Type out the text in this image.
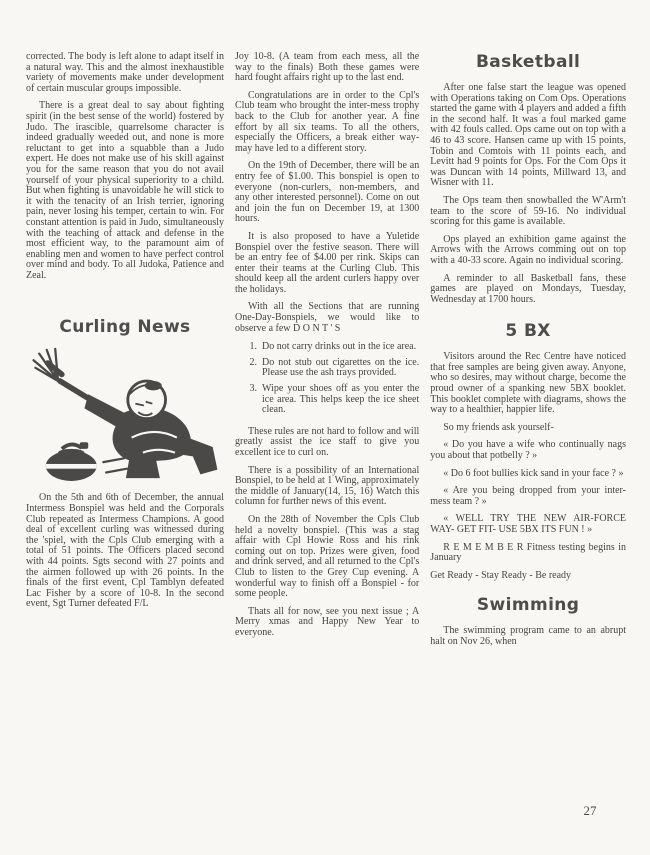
corrected. The body is left alone to adapt itself in a natural way. This and the almost inexhaustible variety of movements make under development of certain muscular groups impossible.

There is a great deal to say about fighting spirit (in the best sense of the world) fostered by Judo. The irascible, quarrelsome character is indeed gradually weeded out, and none is more reluctant to get into a squabble than a Judo expert. He does not make use of his skill against you for the same reason that you do not avail yourself of your physical superiority to a child. But when fighting is unavoidable he will stick to it with the tenacity of an Irish terrier, ignoring pain, never losing his temper, certain to win. For constant attention is paid in Judo, simultaneously with the teaching of attack and defense in the most efficient way, to the paramount aim of enabling men and women to have perfect control over mind and body. To all Judoka, Patience and Zeal.

Curling News

On the 5th and 6th of December, the annual Intermess Bonspiel was held and the Corporals Club repeated as Intermess Champions. A good deal of excellent curling was witnessed during the 'spiel, with the Cpls Club emerging with a total of 51 points. The Officers placed second with 44 points. Sgts second with 27 points and the airmen followed up with 26 points. In the finals of the first event, Cpl Tamblyn defeated Lac Fisher by a score of 10-8. In the second event, Sgt Turner defeated F/L

Joy 10-8. (A team from each mess, all the way to the finals) Both these games were hard fought affairs right up to the last end.

Congratulations are in order to the Cpl's Club team who brought the inter-mess trophy back to the Club for another year. A fine effort by all six teams. To all the others, especially the Officers, a break either way-may have led to a different story.

On the 19th of December, there will be an entry fee of $1.00. This bonspiel is open to everyone (non-curlers, non-members, and any other interested personnel). Come on out and join the fun on December 19, at 1300 hours.

It is also proposed to have a Yuletide Bonspiel over the festive season. There will be an entry fee of $4.00 per rink. Skips can enter their teams at the Curling Club. This should keep all the ardent curlers happy over the holidays.

With all the Sections that are running One-Day-Bonspiels, we would like to observe a few D O N T ' S

1. Do not carry drinks out in the ice area.
2. Do not stub out cigarettes on the ice. Please use the ash trays provided.
3. Wipe your shoes off as you enter the ice area. This helps keep the ice sheet clean.

These rules are not hard to follow and will greatly assist the ice staff to give you excellent ice to curl on.

There is a possibility of an International Bonspiel, to be held at 1 Wing, approximately the middle of January(14, 15, 16) Watch this column for further news of this event.

On the 28th of November the Cpls Club held a novelty bonspiel. (This was a stag affair with Cpl Howie Ross and his rink coming out on top. Prizes were given, food and drink served, and all returned to the Cpl's Club to listen to the Grey Cup evening. A wonderful way to finish off a Bonspiel - for some people.

Thats all for now, see you next issue ; A Merry xmas and Happy New Year to everyone.

Basketball

After one false start the league was opened with Operations taking on Com Ops. Operations started the game with 4 players and added a fifth in the second half. It was a foul marked game with 42 fouls called. Ops came out on top with a 46 to 43 score. Hansen came up with 15 points, Tobin and Comtois with 11 points each, and Levitt had 9 points for Ops. For the Com Ops it was Duncan with 14 points, Millward 13, and Wisner with 11.

The Ops team then snowballed the W'Arm't team to the score of 59-16. No individual scoring for this game is available.

Ops played an exhibition game against the Arrows with the Arrows comming out on top with a 40-33 score. Again no individual scoring.

A reminder to all Basketball fans, these games are played on Mondays, Tuesday, Wednesday at 1700 hours.

5 BX

Visitors around the Rec Centre have noticed that free samples are being given away. Anyone, who so desires, may without charge, become the proud owner of a spanking new 5BX booklet. This booklet complete with diagrams, shows the way to a healthier, happier life.

So my friends ask yourself-

« Do you have a wife who continually nags you about that potbelly ? »

« Do 6 foot bullies kick sand in your face ? »

« Are you being dropped from your inter-mess team ? »

« WELL TRY THE NEW AIR-FORCE WAY- GET FIT- USE 5BX ITS FUN ! »

R E M E M B E R Fitness testing begins in January

Get Ready - Stay Ready - Be ready

Swimming

The swimming program came to an abrupt halt on Nov 26, when

27
